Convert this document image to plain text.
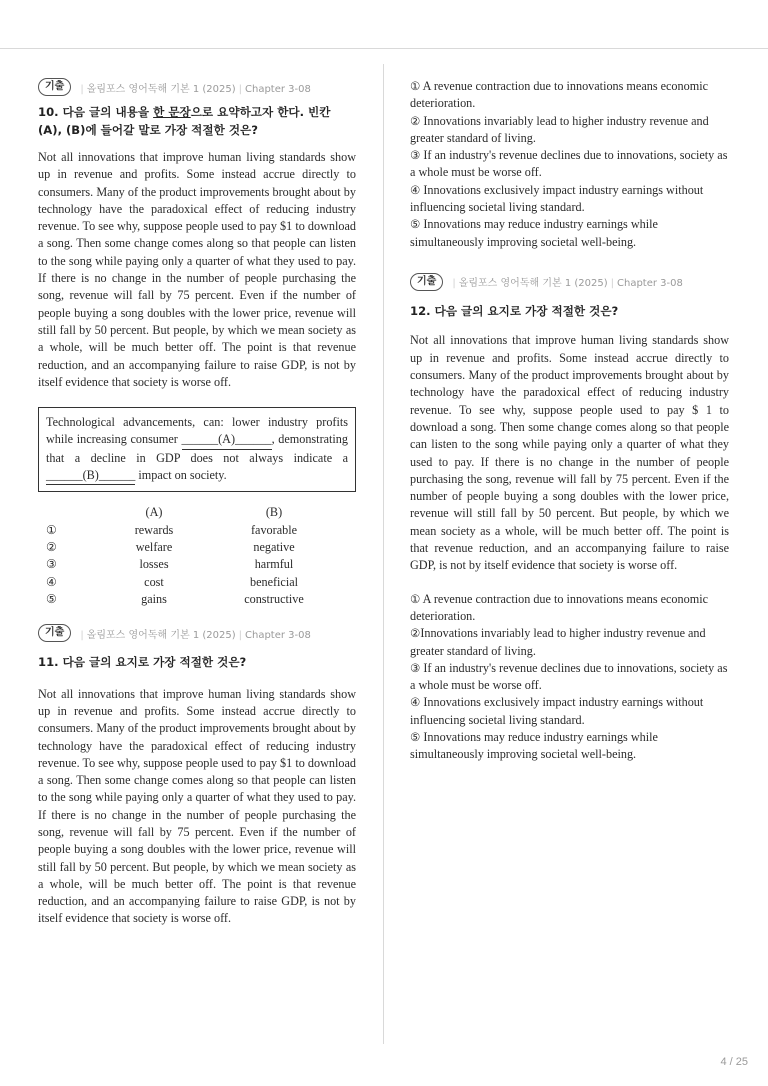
기출	| 올림포스 영어독해 기본 1 (2025) | Chapter 3-08
10. 다음 글의 내용을 한 문장으로 요약하고자 한다. 빈칸 (A), (B)에 들어갈 말로 가장 적절한 것은?

Not all innovations that improve human living standards show up in revenue and profits. Some instead accrue directly to consumers. Many of the product improvements brought about by technology have the paradoxical effect of reducing industry revenue. To see why, suppose people used to pay $1 to download a song. Then some change comes along so that people can listen to the song while paying only a quarter of what they used to pay. If there is no change in the number of people purchasing the song, revenue will fall by 75 percent. Even if the number of people buying a song doubles with the lower price, revenue will still fall by 50 percent. But people, by which we mean society as a whole, will be much better off. The point is that revenue reduction, and an accompanying failure to raise GDP, is not by itself evidence that society is worse off.

Technological advancements, can: lower industry profits while increasing consumer ______(A)______, demonstrating that a decline in GDP does not always indicate a ______(B)______ impact on society.
	(A)	(B)
①	rewards	favorable
②	welfare	negative
③	losses	harmful
④	cost	beneficial
⑤	gains	constructive
기출	| 올림포스 영어독해 기본 1 (2025) | Chapter 3-08
11. 다음 글의 요지로 가장 적절한 것은?

Not all innovations that improve human living standards show up in revenue and profits. Some instead accrue directly to consumers. Many of the product improvements brought about by technology have the paradoxical effect of reducing industry revenue. To see why, suppose people used to pay $1 to download a song. Then some change comes along so that people can listen to the song while paying only a quarter of what they used to pay. If there is no change in the number of people purchasing the song, revenue will fall by 75 percent. Even if the number of people buying a song doubles with the lower price, revenue will still fall by 50 percent. But people, by which we mean society as a whole, will be much better off. The point is that revenue reduction, and an accompanying failure to raise GDP, is not by itself evidence that society is worse off.

① A revenue contraction due to innovations means economic deterioration.
② Innovations invariably lead to higher industry revenue and greater standard of living.
③ If an industry's revenue declines due to innovations, society as a whole must be worse off.
④ Innovations exclusively impact industry earnings without influencing societal living standard.
⑤ Innovations may reduce industry earnings while simultaneously improving societal well-being.
기출	| 올림포스 영어독해 기본 1 (2025) | Chapter 3-08
12. 다음 글의 요지로 가장 적절한 것은?

Not all innovations that improve human living standards show up in revenue and profits. Some instead accrue directly to consumers. Many of the product improvements brought about by technology have the paradoxical effect of reducing industry revenue. To see why, suppose people used to pay $ 1 to download a song. Then some change comes along so that people can listen to the song while paying only a quarter of what they used to pay. If there is no change in the number of people purchasing the song, revenue will fall by 75 percent. Even if the number of people buying a song doubles with the lower price, revenue will still fall by 50 percent. But people, by which we mean society as a whole, will be much better off. The point is that revenue reduction, and an accompanying failure to raise GDP, is not by itself evidence that society is worse off.

① A revenue contraction due to innovations means economic deterioration.
②Innovations invariably lead to higher industry revenue and greater standard of living.
③ If an industry's revenue declines due to innovations, society as a whole must be worse off.
④ Innovations exclusively impact industry earnings without influencing societal living standard.
⑤ Innovations may reduce industry earnings while simultaneously improving societal well-being.
4 / 25
